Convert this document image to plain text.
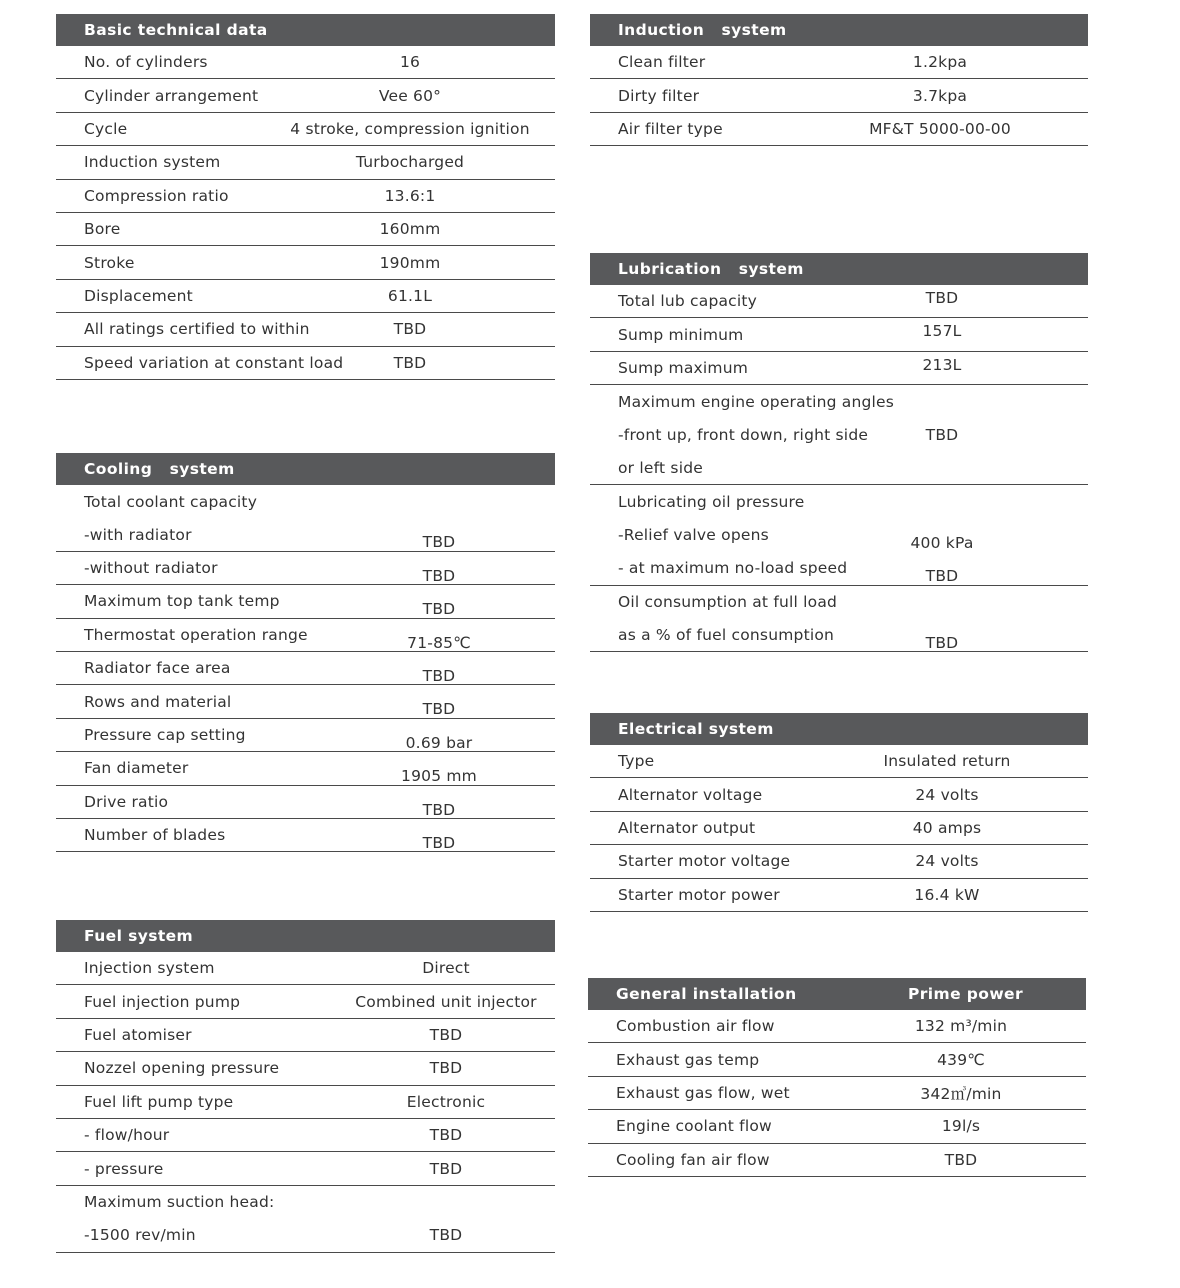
Basic technical data
No. of cylinders	16
Cylinder arrangement	Vee 60°
Cycle	4 stroke, compression ignition
Induction system	Turbocharged
Compression ratio	13.6:1
Bore	160mm
Stroke	190mm
Displacement	61.1L
All ratings certified to within	TBD
Speed variation at constant load	TBD
Cooling   system
Total coolant capacity
-with radiator	TBD
-without radiator	TBD
Maximum top tank temp	TBD
Thermostat operation range	71-85℃
Radiator face area	TBD
Rows and material	TBD
Pressure cap setting	0.69 bar
Fan diameter	1905 mm
Drive ratio	TBD
Number of blades	TBD
Fuel system
Injection system	Direct
Fuel injection pump	Combined unit injector
Fuel atomiser	TBD
Nozzel opening pressure	TBD
Fuel lift pump type	Electronic
- flow/hour	TBD
- pressure	TBD
Maximum suction head:
-1500 rev/min	TBD
Induction   system
Clean filter	1.2kpa
Dirty filter	3.7kpa
Air filter type	MF&T 5000-00-00
Lubrication   system
Total lub capacity	TBD
Sump minimum	157L
Sump maximum	213L
Maximum engine operating angles
-front up, front down, right side	TBD
or left side
Lubricating oil pressure
-Relief valve opens	400 kPa
- at maximum no-load speed	TBD
Oil consumption at full load
as a % of fuel consumption	TBD
Electrical system
Type	Insulated return
Alternator voltage	24 volts
Alternator output	40 amps
Starter motor voltage	24 volts
Starter motor power	16.4 kW
General installation	Prime power
Combustion air flow	132 m³/min
Exhaust gas temp	439℃
Exhaust gas flow, wet	342㎥/min
Engine coolant flow	19l/s
Cooling fan air flow	TBD
